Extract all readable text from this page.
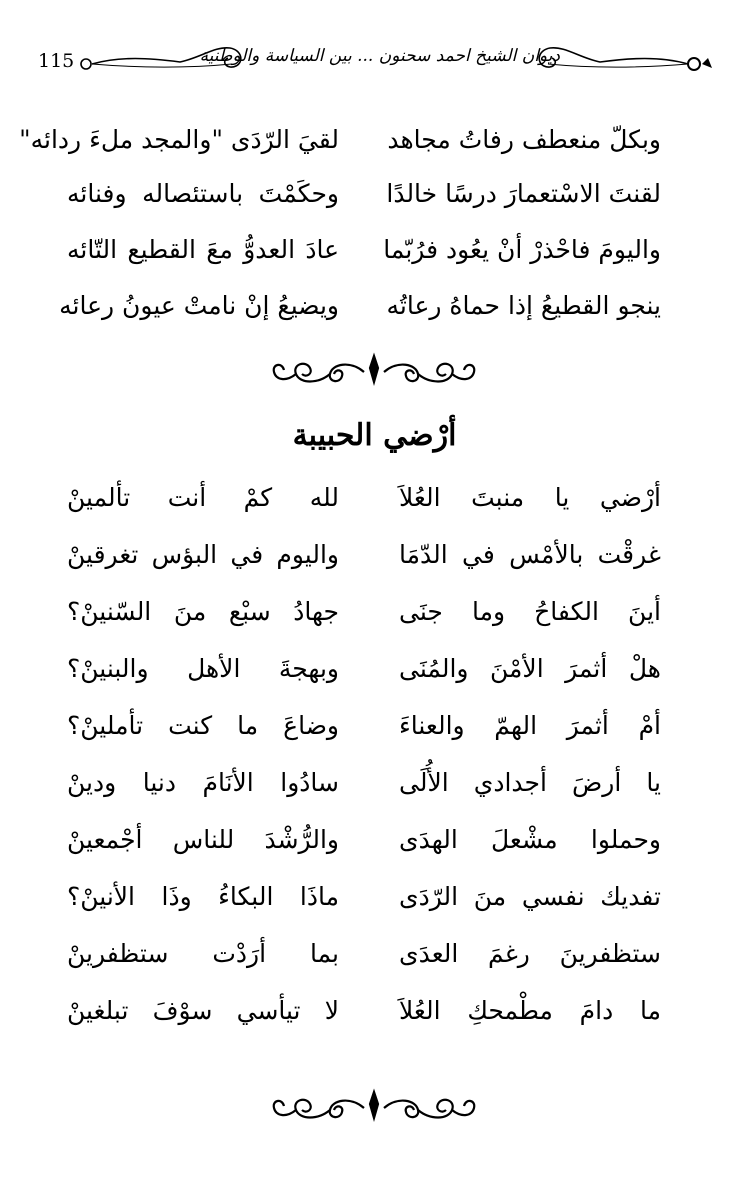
115	ديوان الشيخ احمد سحنون ... بين السياسة والوطنية
وبكلّ منعطف رفاتُ مجاهد
لقيَ الرّدَى "والمجد ملءَ ردائه"
لقنتَ الاسْتعمارَ درسًا خالدًا
وحكَمْتَ باستئصاله وفنائه
واليومَ فاحْذرْ أنْ يعُود فرُبّما
عادَ العدوُّ معَ القطيع التّائه
ينجو القطيعُ إذا حماهُ رعاتُه
ويضيعُ إنْ نامتْ عيونُ رعائه
أرْضي الحبيبة
أرْضي يا منبتَ العُلاَ
لله كمْ أنت تألمينْ
غرقْت بالأمْس في الدّمَا
واليوم في البؤس تغرقينْ
أينَ الكفاحُ وما جنَى
جهادُ سبْع منَ السّنينْ؟
هلْ أثمرَ الأمْنَ والمُنَى
وبهجةَ الأهل والبنينْ؟
أمْ أثمرَ الهمّ والعناءَ
وضاعَ ما كنت تأملينْ؟
يا أرضَ أجدادي الأُلَى
سادُوا الأنَامَ دنيا ودينْ
وحملوا مشْعلَ الهدَى
والرُّشْدَ للناس أجْمعينْ
تفديك نفسي منَ الرّدَى
ماذَا البكاءُ وذَا الأنينْ؟
ستظفرينَ رغمَ العدَى
بما أرَدْت ستظفرينْ
ما دامَ مطْمحكِ العُلاَ
لا تيأسي سوْفَ تبلغينْ
